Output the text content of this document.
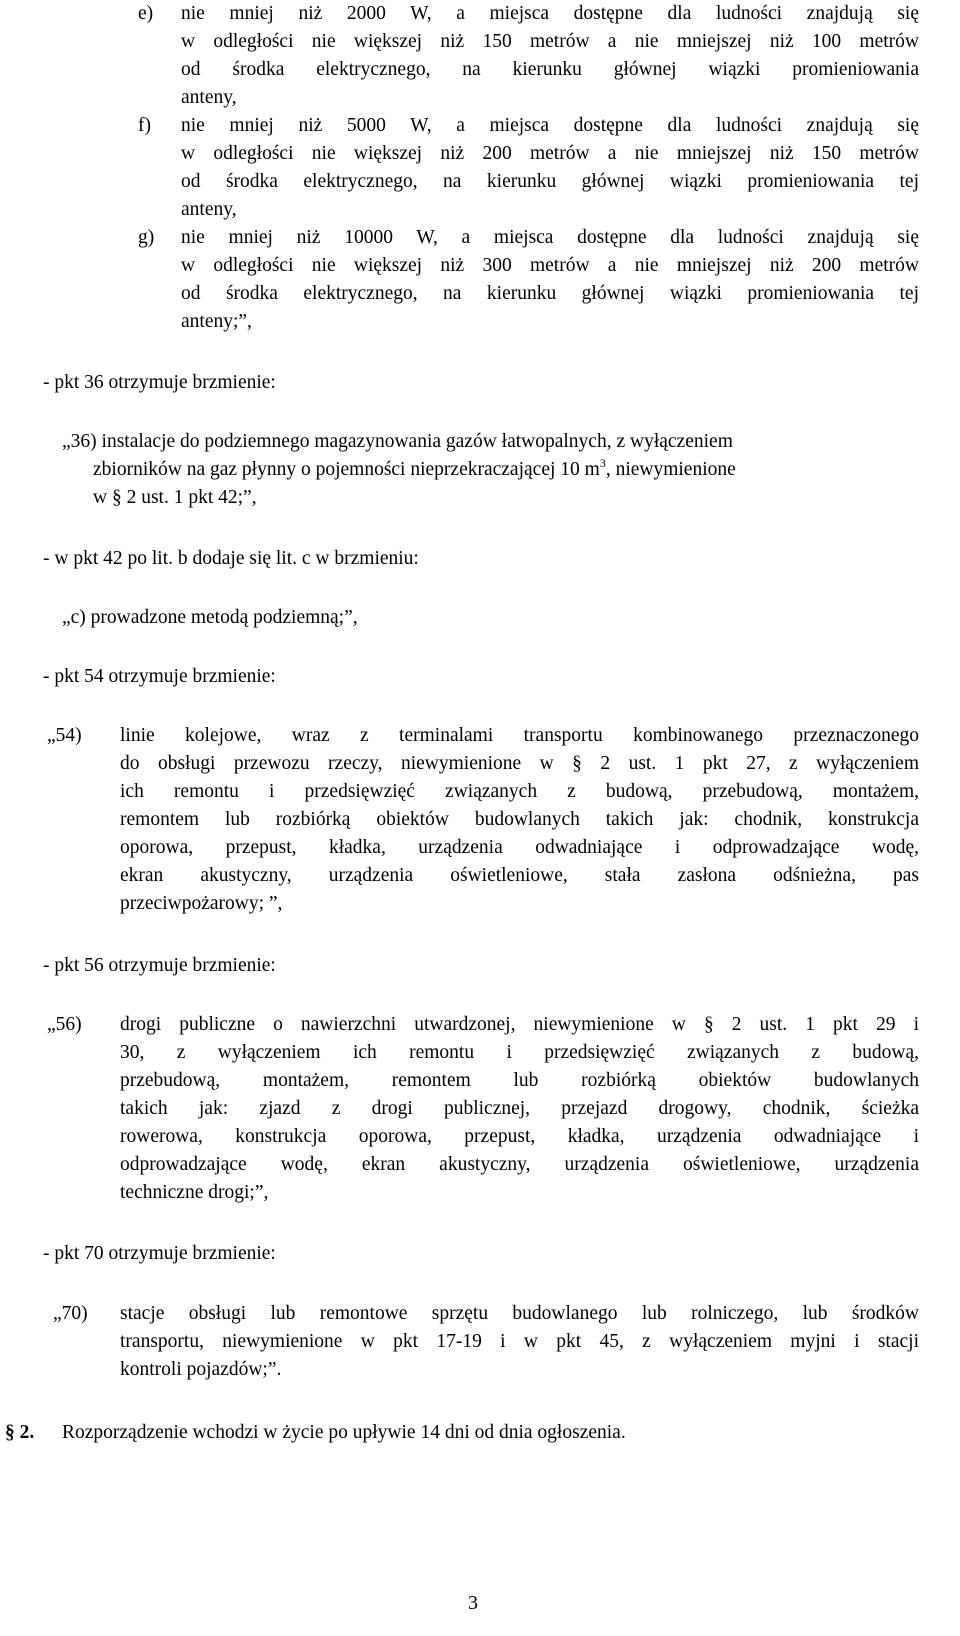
e) nie mniej niż 2000 W, a miejsca dostępne dla ludności znajdują się
w odległości nie większej niż 150 metrów a nie mniejszej niż 100 metrów
od środka elektrycznego, na kierunku głównej wiązki promieniowania
anteny,
f) nie mniej niż 5000 W, a miejsca dostępne dla ludności znajdują się
w odległości nie większej niż 200 metrów a nie mniejszej niż 150 metrów
od środka elektrycznego, na kierunku głównej wiązki promieniowania tej
anteny,
g) nie mniej niż 10000 W, a miejsca dostępne dla ludności znajdują się
w odległości nie większej niż 300 metrów a nie mniejszej niż 200 metrów
od środka elektrycznego, na kierunku głównej wiązki promieniowania tej
anteny;”,
- pkt 36 otrzymuje brzmienie:
„36) instalacje do podziemnego magazynowania gazów łatwopalnych, z wyłączeniem
zbiorników na gaz płynny o pojemności nieprzekraczającej 10 $m^3$, niewymienione
w § 2 ust. 1 pkt 42;”,
- w pkt 42 po lit. b dodaje się lit. c w brzmieniu:
„c) prowadzone metodą podziemną;”,
- pkt 54 otrzymuje brzmienie:
„54) linie kolejowe, wraz z terminalami transportu kombinowanego przeznaczonego
do obsługi przewozu rzeczy, niewymienione w § 2 ust. 1 pkt 27, z wyłączeniem
ich remontu i przedsięwzięć związanych z budową, przebudową, montażem,
remontem lub rozbiórką obiektów budowlanych takich jak: chodnik, konstrukcja
oporowa, przepust, kładka, urządzenia odwadniające i odprowadzające wodę,
ekran akustyczny, urządzenia oświetleniowe, stała zasłona odśnieżna, pas
przeciwpożarowy; ”,
- pkt 56 otrzymuje brzmienie:
„56) drogi publiczne o nawierzchni utwardzonej, niewymienione w § 2 ust. 1 pkt 29 i
30, z wyłączeniem ich remontu i przedsięwzięć związanych z budową,
przebudową, montażem, remontem lub rozbiórką obiektów budowlanych
takich jak: zjazd z drogi publicznej, przejazd drogowy, chodnik, ścieżka
rowerowa, konstrukcja oporowa, przepust, kładka, urządzenia odwadniające i
odprowadzające wodę, ekran akustyczny, urządzenia oświetleniowe, urządzenia
techniczne drogi;”,
- pkt 70 otrzymuje brzmienie:
„70) stacje obsługi lub remontowe sprzętu budowlanego lub rolniczego, lub środków
transportu, niewymienione w pkt 17-19 i w pkt 45, z wyłączeniem myjni i stacji
kontroli pojazdów;”.
§ 2. Rozporządzenie wchodzi w życie po upływie 14 dni od dnia ogłoszenia.
3
